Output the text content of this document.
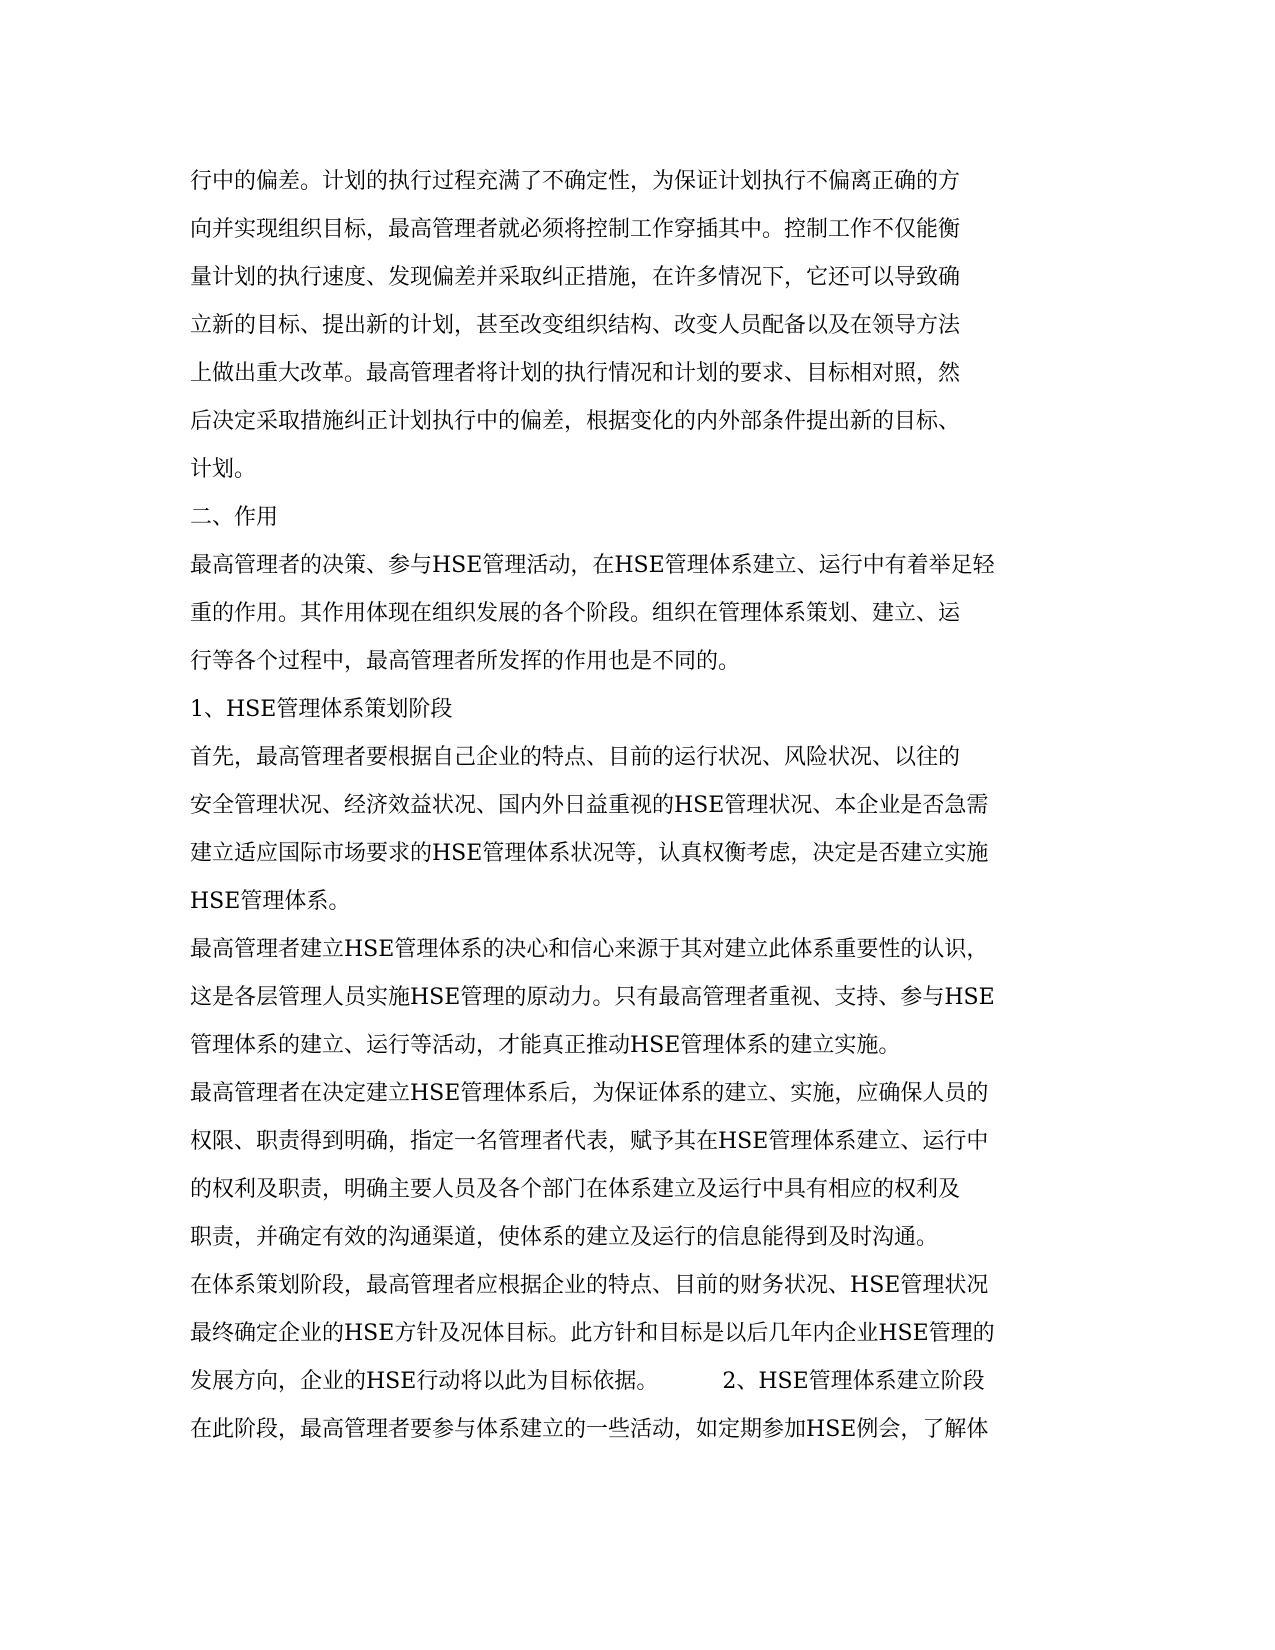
行中的偏差。计划的执行过程充满了不确定性，为保证计划执行不偏离正确的方
向并实现组织目标，最高管理者就必须将控制工作穿插其中。控制工作不仅能衡
量计划的执行速度、发现偏差并采取纠正措施，在许多情况下，它还可以导致确
立新的目标、提出新的计划，甚至改变组织结构、改变人员配备以及在领导方法
上做出重大改革。最高管理者将计划的执行情况和计划的要求、目标相对照，然
后决定采取措施纠正计划执行中的偏差，根据变化的内外部条件提出新的目标、
计划。
二、作用
最高管理者的决策、参与HSE管理活动，在HSE管理体系建立、运行中有着举足轻
重的作用。其作用体现在组织发展的各个阶段。组织在管理体系策划、建立、运
行等各个过程中，最高管理者所发挥的作用也是不同的。
1、HSE管理体系策划阶段
首先，最高管理者要根据自己企业的特点、目前的运行状况、风险状况、以往的
安全管理状况、经济效益状况、国内外日益重视的HSE管理状况、本企业是否急需
建立适应国际市场要求的HSE管理体系状况等，认真权衡考虑，决定是否建立实施
HSE管理体系。
最高管理者建立HSE管理体系的决心和信心来源于其对建立此体系重要性的认识，
这是各层管理人员实施HSE管理的原动力。只有最高管理者重视、支持、参与HSE
管理体系的建立、运行等活动，才能真正推动HSE管理体系的建立实施。
最高管理者在决定建立HSE管理体系后，为保证体系的建立、实施，应确保人员的
权限、职责得到明确，指定一名管理者代表，赋予其在HSE管理体系建立、运行中
的权利及职责，明确主要人员及各个部门在体系建立及运行中具有相应的权利及
职责，并确定有效的沟通渠道，使体系的建立及运行的信息能得到及时沟通。
在体系策划阶段，最高管理者应根据企业的特点、目前的财务状况、HSE管理状况
最终确定企业的HSE方针及况体目标。此方针和目标是以后几年内企业HSE管理的
发展方向，企业的HSE行动将以此为目标依据。	2、HSE管理体系建立阶段
在此阶段，最高管理者要参与体系建立的一些活动，如定期参加HSE例会，了解体
